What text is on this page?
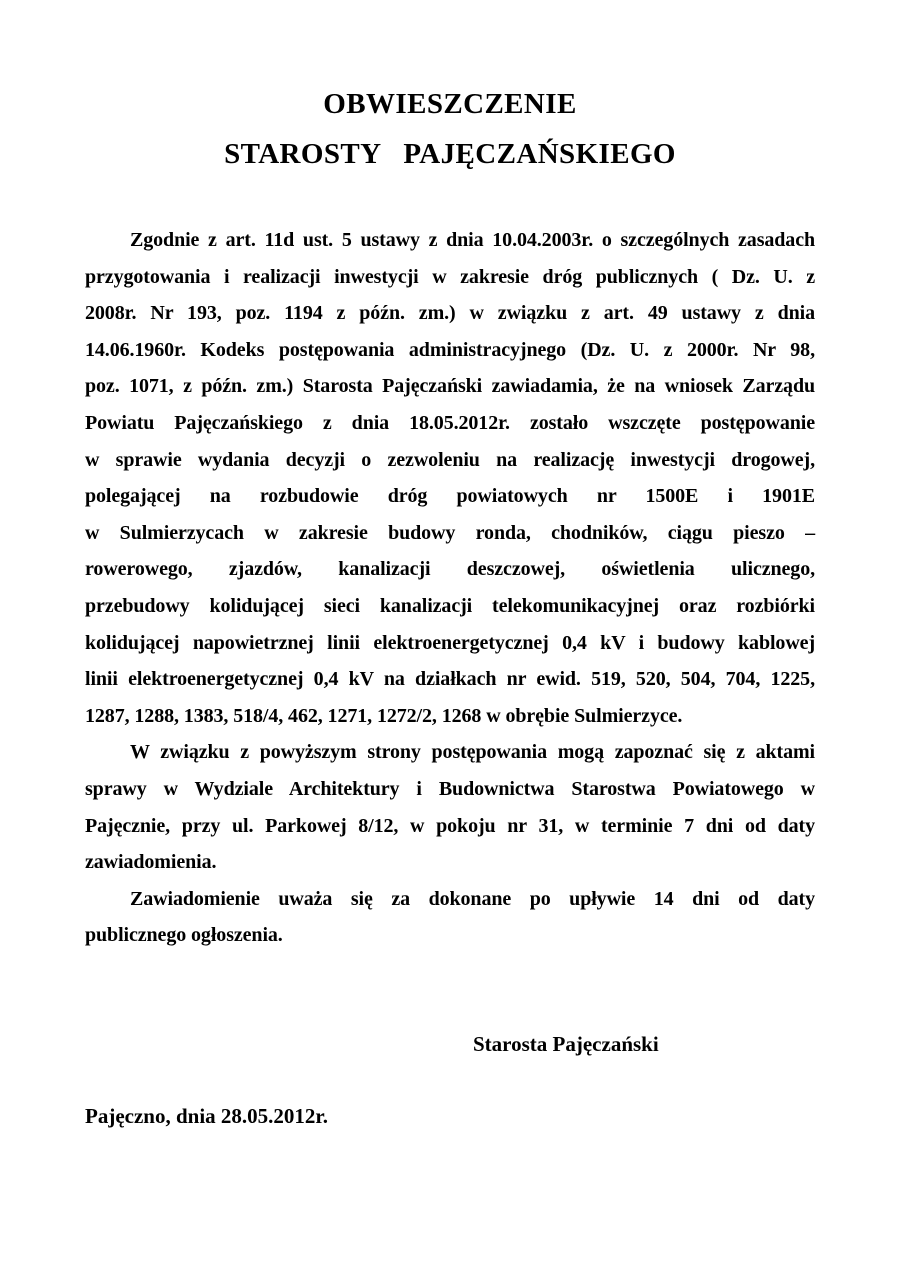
OBWIESZCZENIE
STAROSTY   PAJĘCZAŃSKIEGO
Zgodnie z art. 11d ust. 5 ustawy z dnia 10.04.2003r. o szczególnych zasadach
przygotowania i realizacji inwestycji w zakresie dróg publicznych ( Dz. U. z
2008r. Nr 193, poz. 1194 z późn. zm.) w związku z art. 49 ustawy z dnia
14.06.1960r. Kodeks postępowania administracyjnego (Dz. U. z 2000r. Nr 98,
poz. 1071, z późn. zm.) Starosta Pajęczański zawiadamia, że na wniosek Zarządu
Powiatu Pajęczańskiego z dnia 18.05.2012r. zostało wszczęte postępowanie
w sprawie wydania decyzji o zezwoleniu na realizację inwestycji drogowej,
polegającej na rozbudowie dróg powiatowych nr 1500E i 1901E
w Sulmierzycach w zakresie budowy ronda, chodników, ciągu pieszo –
rowerowego, zjazdów, kanalizacji deszczowej, oświetlenia ulicznego,
przebudowy kolidującej sieci kanalizacji telekomunikacyjnej oraz rozbiórki
kolidującej napowietrznej linii elektroenergetycznej 0,4 kV i budowy kablowej
linii elektroenergetycznej 0,4 kV na działkach nr ewid. 519, 520, 504, 704, 1225,
1287, 1288, 1383, 518/4, 462, 1271, 1272/2, 1268 w obrębie Sulmierzyce.
W związku z powyższym strony postępowania mogą zapoznać się z aktami
sprawy w Wydziale Architektury i Budownictwa Starostwa Powiatowego w
Pajęcznie, przy ul. Parkowej 8/12, w pokoju nr 31, w terminie 7 dni od daty
zawiadomienia.
Zawiadomienie uważa się za dokonane po upływie 14 dni od daty
publicznego ogłoszenia.
Starosta Pajęczański
Pajęczno, dnia 28.05.2012r.
